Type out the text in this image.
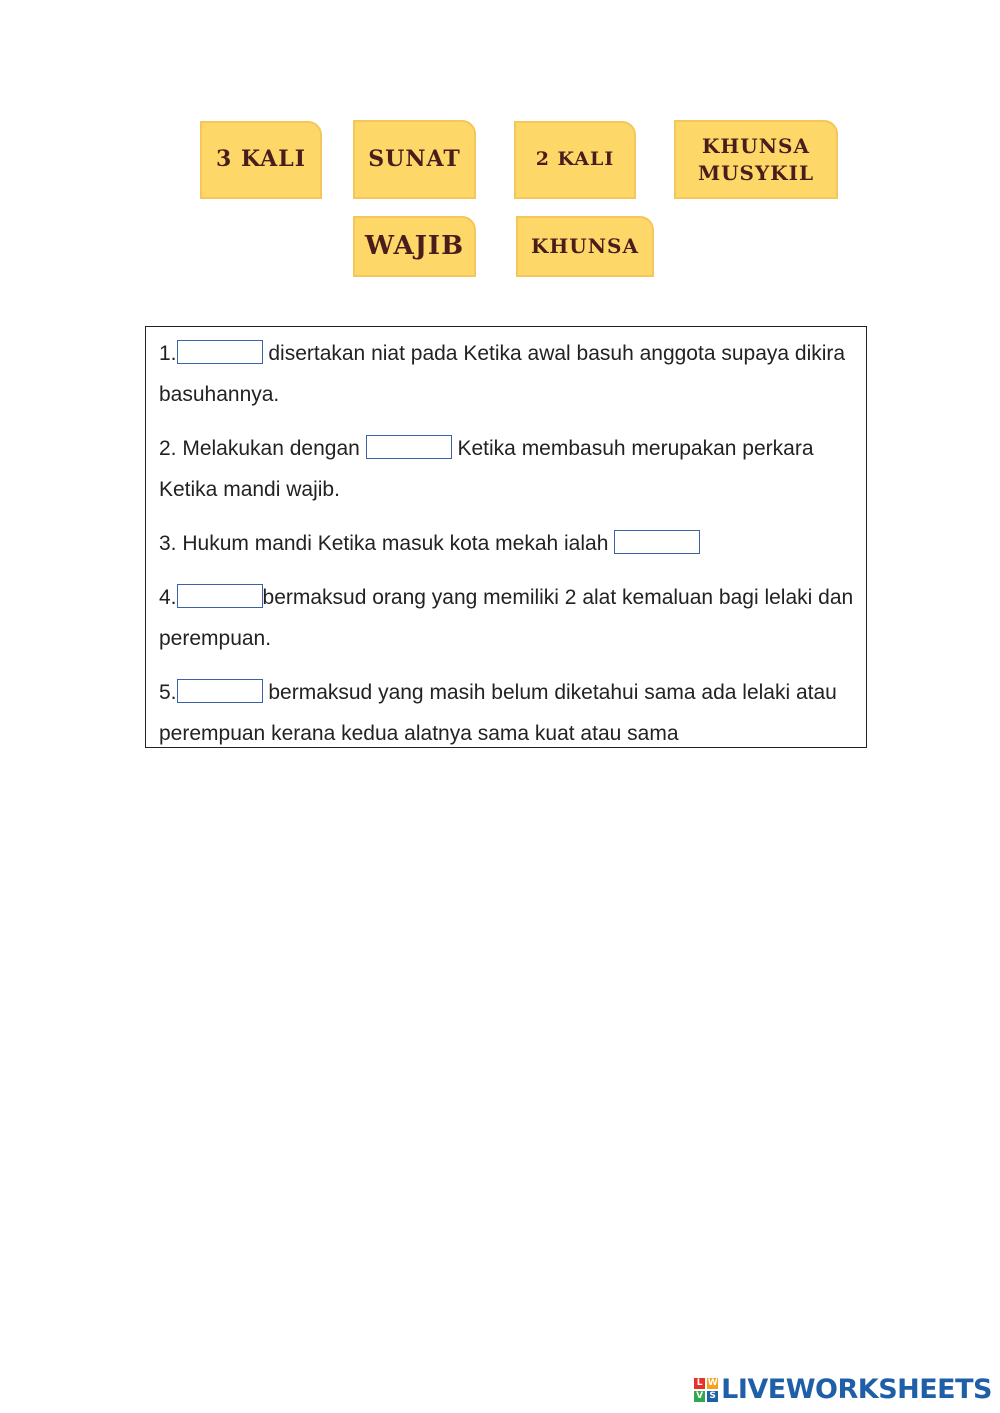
3 KALI	SUNAT	2 KALI
KHUNSA MUSYKIL
WAJIB	KHUNSA
1.	disertakan niat pada Ketika awal basuh anggota supaya dikira basuhannya.
2. Melakukan dengan	Ketika membasuh merupakan perkara Ketika mandi wajib.
3. Hukum mandi Ketika masuk kota mekah ialah
4.	bermaksud orang yang memiliki 2 alat kemaluan bagi lelaki dan perempuan.
5.	bermaksud yang masih belum diketahui sama ada lelaki atau perempuan kerana kedua alatnya sama kuat atau sama
L W
V S LIVEWORKSHEETS
